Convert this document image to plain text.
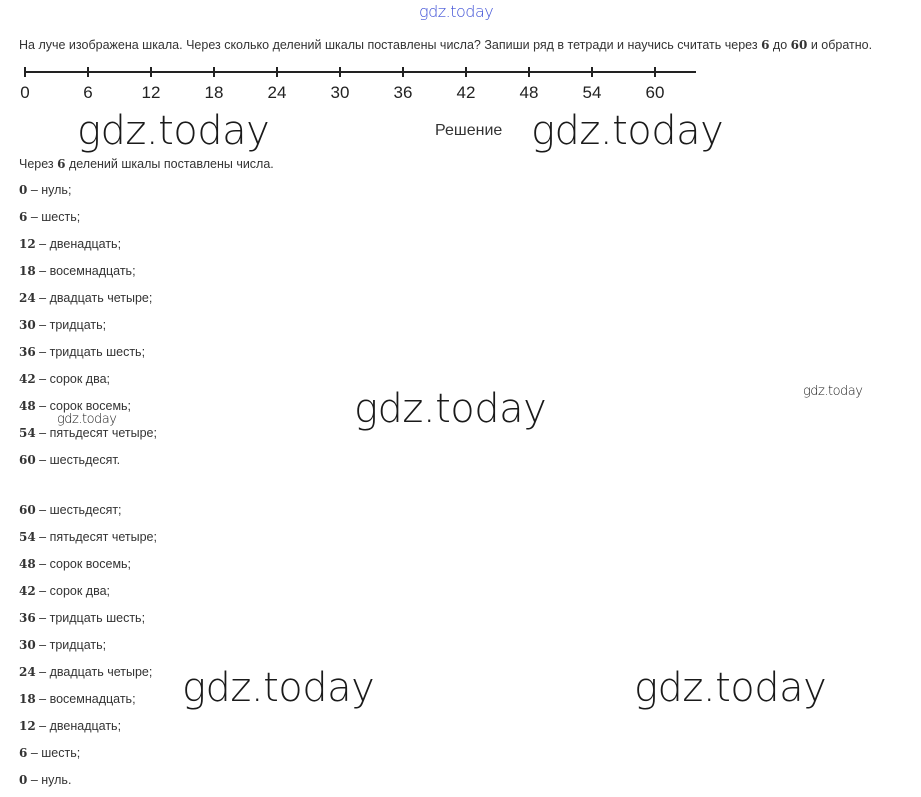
gdz.today
На луче изображена шкала. Через сколько делений шкалы поставлены числа? Запиши ряд в тетради и научись считать через 6 до 60 и обратно.
0	6	12	18	24	30	36	42	48	54	60
gdz.today	Решение gdz.today
Через 6 делений шкалы поставлены числа.
0 – нуль;
6 – шесть;
12 – двенадцать;
18 – восемнадцать;
24 – двадцать четыре;
30 – тридцать;
36 – тридцать шесть;
42 – сорок два;
48 – сорок восемь;
54 – пятьдесят четыре;
60 – шестьдесят.
60 – шестьдесят;
54 – пятьдесят четыре;
48 – сорок восемь;
42 – сорок два;
36 – тридцать шесть;
30 – тридцать;
24 – двадцать четыре;
18 – восемнадцать;
12 – двенадцать;
6 – шесть;
0 – нуль.
gdz.today	gdz.today
gdz.today
gdz.today	gdz.today
